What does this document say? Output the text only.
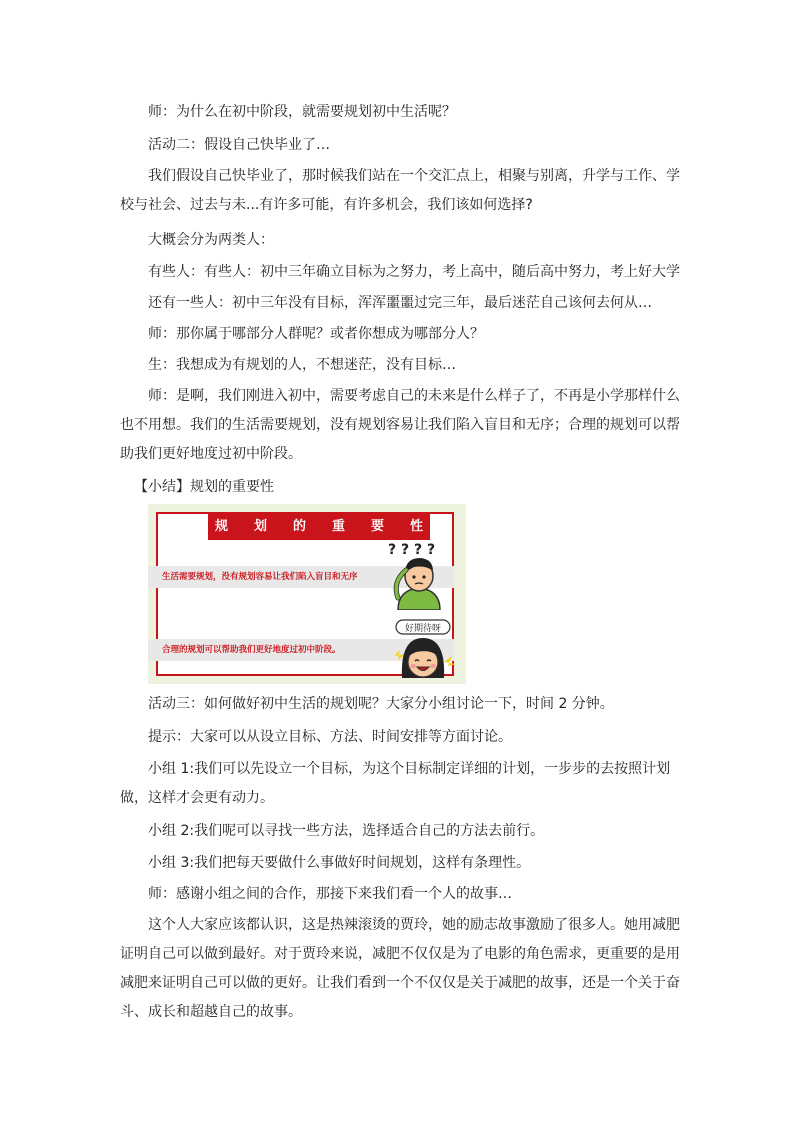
师：为什么在初中阶段，就需要规划初中生活呢？

活动二：假设自己快毕业了…

我们假设自己快毕业了，那时候我们站在一个交汇点上，相聚与别离，升学与工作、学校与社会、过去与未...有许多可能，有许多机会，我们该如何选择?

大概会分为两类人：

有些人：有些人：初中三年确立目标为之努力，考上高中，随后高中努力，考上好大学

还有一些人：初中三年没有目标，浑浑噩噩过完三年，最后迷茫自己该何去何从…

师：那你属于哪部分人群呢？或者你想成为哪部分人？

生：我想成为有规划的人，不想迷茫，没有目标…

师：是啊，我们刚进入初中，需要考虑自己的未来是什么样子了，不再是小学那样什么也不用想。我们的生活需要规划，没有规划容易让我们陷入盲目和无序；合理的规划可以帮助我们更好地度过初中阶段。

【小结】规划的重要性

规　　划　　的　　重　　要　　性
生活需要规划，没有规划容易让我们陷入盲目和无序
合理的规划可以帮助我们更好地度过初中阶段。
? ? ? ?
好期待呀

活动三：如何做好初中生活的规划呢？大家分小组讨论一下，时间 2 分钟。

提示：大家可以从设立目标、方法、时间安排等方面讨论。

小组 1:我们可以先设立一个目标，为这个目标制定详细的计划，一步步的去按照计划做，这样才会更有动力。

小组 2:我们呢可以寻找一些方法，选择适合自己的方法去前行。

小组 3:我们把每天要做什么事做好时间规划，这样有条理性。

师：感谢小组之间的合作，那接下来我们看一个人的故事…

这个人大家应该都认识，这是热辣滚烫的贾玲，她的励志故事激励了很多人。她用减肥证明自己可以做到最好。对于贾玲来说，减肥不仅仅是为了电影的角色需求，更重要的是用减肥来证明自己可以做的更好。让我们看到一个不仅仅是关于减肥的故事，还是一个关于奋斗、成长和超越自己的故事。
